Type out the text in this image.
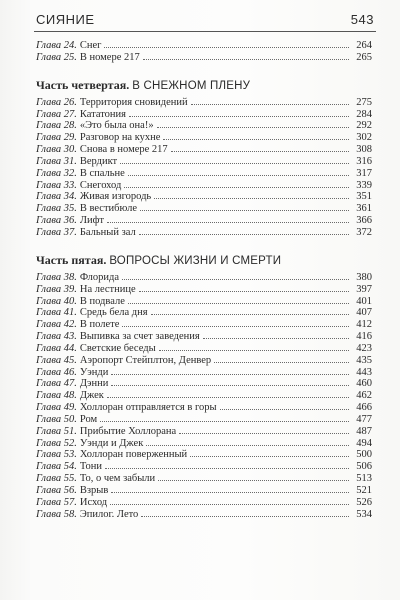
СИЯНИЕ	543
Глава 24. Снег	264
Глава 25. В номере 217	265
Часть четвертая. В СНЕЖНОМ ПЛЕНУ
Глава 26. Территория сновидений	275
Глава 27. Кататония	284
Глава 28. «Это была она!»	292
Глава 29. Разговор на кухне	302
Глава 30. Снова в номере 217	308
Глава 31. Вердикт	316
Глава 32. В спальне	317
Глава 33. Снегоход	339
Глава 34. Живая изгородь	351
Глава 35. В вестибюле	361
Глава 36. Лифт	366
Глава 37. Бальный зал	372
Часть пятая. ВОПРОСЫ ЖИЗНИ И СМЕРТИ
Глава 38. Флорида	380
Глава 39. На лестнице	397
Глава 40. В подвале	401
Глава 41. Средь бела дня	407
Глава 42. В полете	412
Глава 43. Выпивка за счет заведения	416
Глава 44. Светские беседы	423
Глава 45. Аэропорт Стейплтон, Денвер	435
Глава 46. Уэнди	443
Глава 47. Дэнни	460
Глава 48. Джек	462
Глава 49. Холлоран отправляется в горы	466
Глава 50. Ром	477
Глава 51. Прибытие Холлорана	487
Глава 52. Уэнди и Джек	494
Глава 53. Холлоран поверженный	500
Глава 54. Тони	506
Глава 55. То, о чем забыли	513
Глава 56. Взрыв	521
Глава 57. Исход	526
Глава 58. Эпилог. Лето	534
